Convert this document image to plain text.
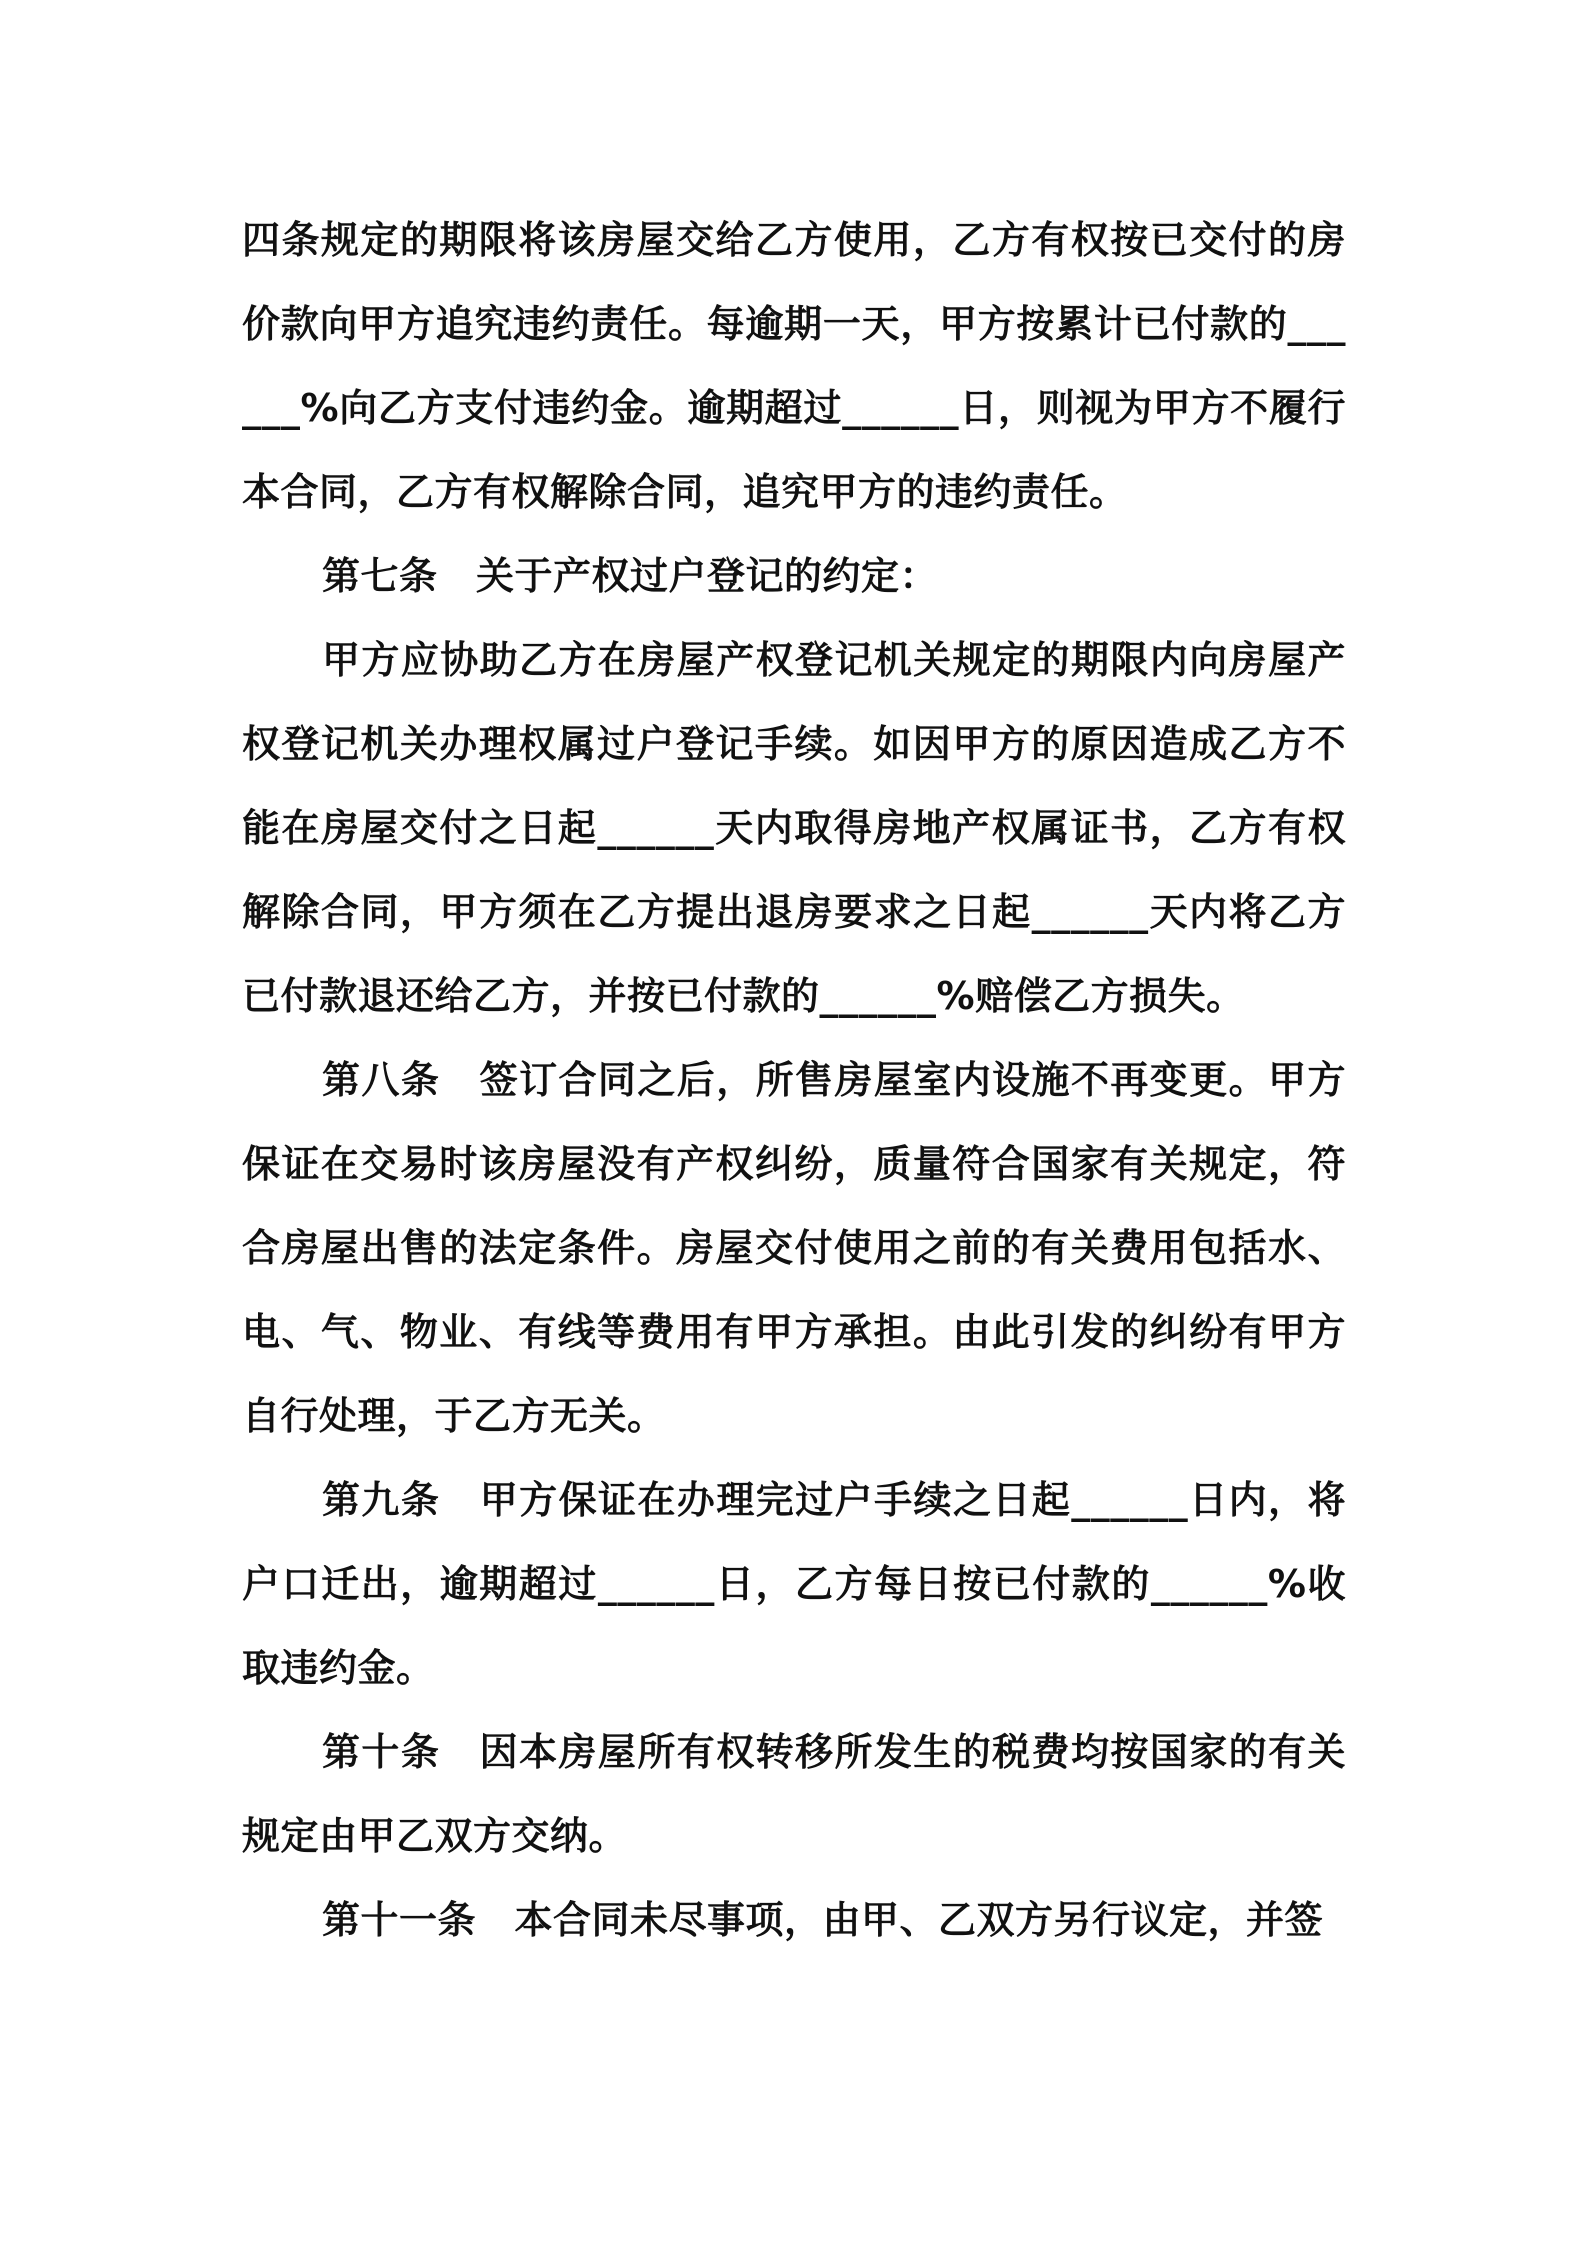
四条规定的期限将该房屋交给乙方使用，乙方有权按已交付的房价款向甲方追究违约责任。每逾期一天，甲方按累计已付款的______%向乙方支付违约金。逾期超过______日，则视为甲方不履行本合同，乙方有权解除合同，追究甲方的违约责任。

第七条　关于产权过户登记的约定：

甲方应协助乙方在房屋产权登记机关规定的期限内向房屋产权登记机关办理权属过户登记手续。如因甲方的原因造成乙方不能在房屋交付之日起______天内取得房地产权属证书，乙方有权解除合同，甲方须在乙方提出退房要求之日起______天内将乙方已付款退还给乙方，并按已付款的______%赔偿乙方损失。

第八条　签订合同之后，所售房屋室内设施不再变更。甲方保证在交易时该房屋没有产权纠纷，质量符合国家有关规定，符合房屋出售的法定条件。房屋交付使用之前的有关费用包括水、电、气、物业、有线等费用有甲方承担。由此引发的纠纷有甲方自行处理，于乙方无关。

第九条　甲方保证在办理完过户手续之日起______日内，将户口迁出，逾期超过______日，乙方每日按已付款的______%收取违约金。

第十条　因本房屋所有权转移所发生的税费均按国家的有关规定由甲乙双方交纳。

第十一条　本合同未尽事项，由甲、乙双方另行议定，并签
